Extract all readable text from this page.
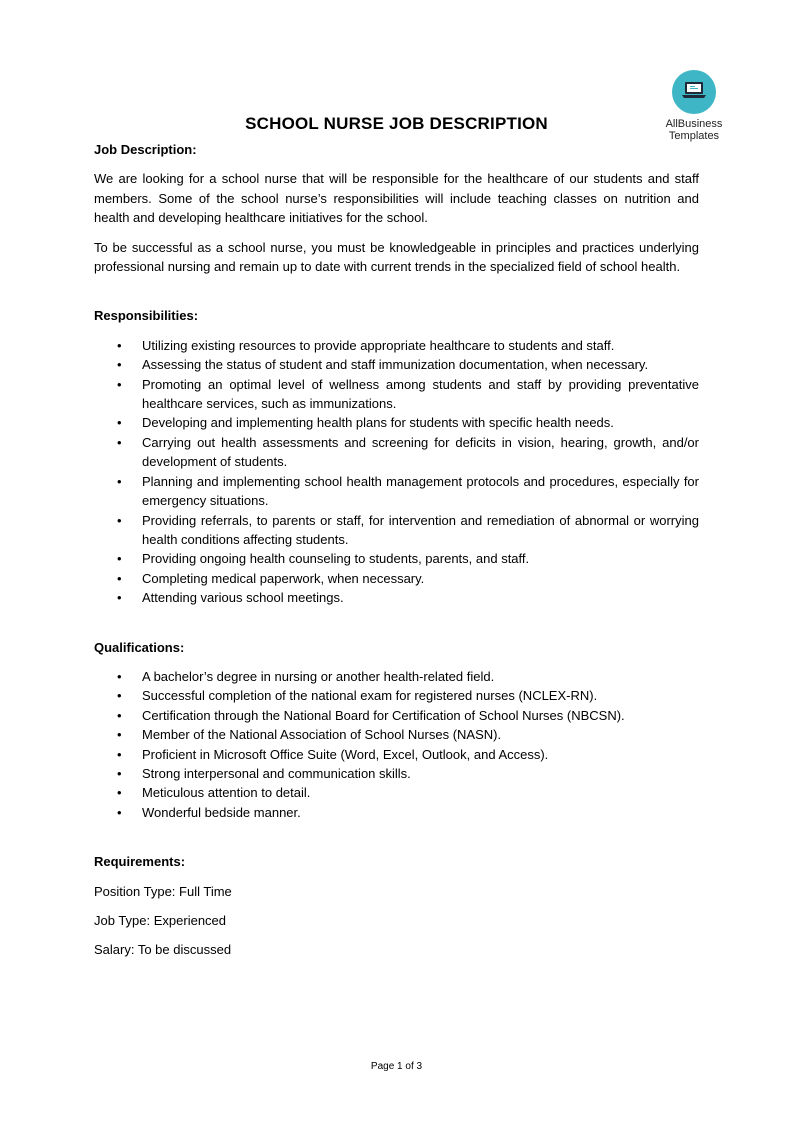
AllBusiness
Templates
SCHOOL NURSE JOB DESCRIPTION

Job Description:

We are looking for a school nurse that will be responsible for the healthcare of our students and staff members. Some of the school nurse’s responsibilities will include teaching classes on nutrition and health and developing healthcare initiatives for the school.

To be successful as a school nurse, you must be knowledgeable in principles and practices underlying professional nursing and remain up to date with current trends in the specialized field of school health.

Responsibilities:

• Utilizing existing resources to provide appropriate healthcare to students and staff.
• Assessing the status of student and staff immunization documentation, when necessary.
• Promoting an optimal level of wellness among students and staff by providing preventative healthcare services, such as immunizations.
• Developing and implementing health plans for students with specific health needs.
• Carrying out health assessments and screening for deficits in vision, hearing, growth, and/or development of students.
• Planning and implementing school health management protocols and procedures, especially for emergency situations.
• Providing referrals, to parents or staff, for intervention and remediation of abnormal or worrying health conditions affecting students.
• Providing ongoing health counseling to students, parents, and staff.
• Completing medical paperwork, when necessary.
• Attending various school meetings.

Qualifications:

• A bachelor’s degree in nursing or another health-related field.
• Successful completion of the national exam for registered nurses (NCLEX-RN).
• Certification through the National Board for Certification of School Nurses (NBCSN).
• Member of the National Association of School Nurses (NASN).
• Proficient in Microsoft Office Suite (Word, Excel, Outlook, and Access).
• Strong interpersonal and communication skills.
• Meticulous attention to detail.
• Wonderful bedside manner.

Requirements:

Position Type: Full Time

Job Type: Experienced

Salary: To be discussed

Page 1 of 3
